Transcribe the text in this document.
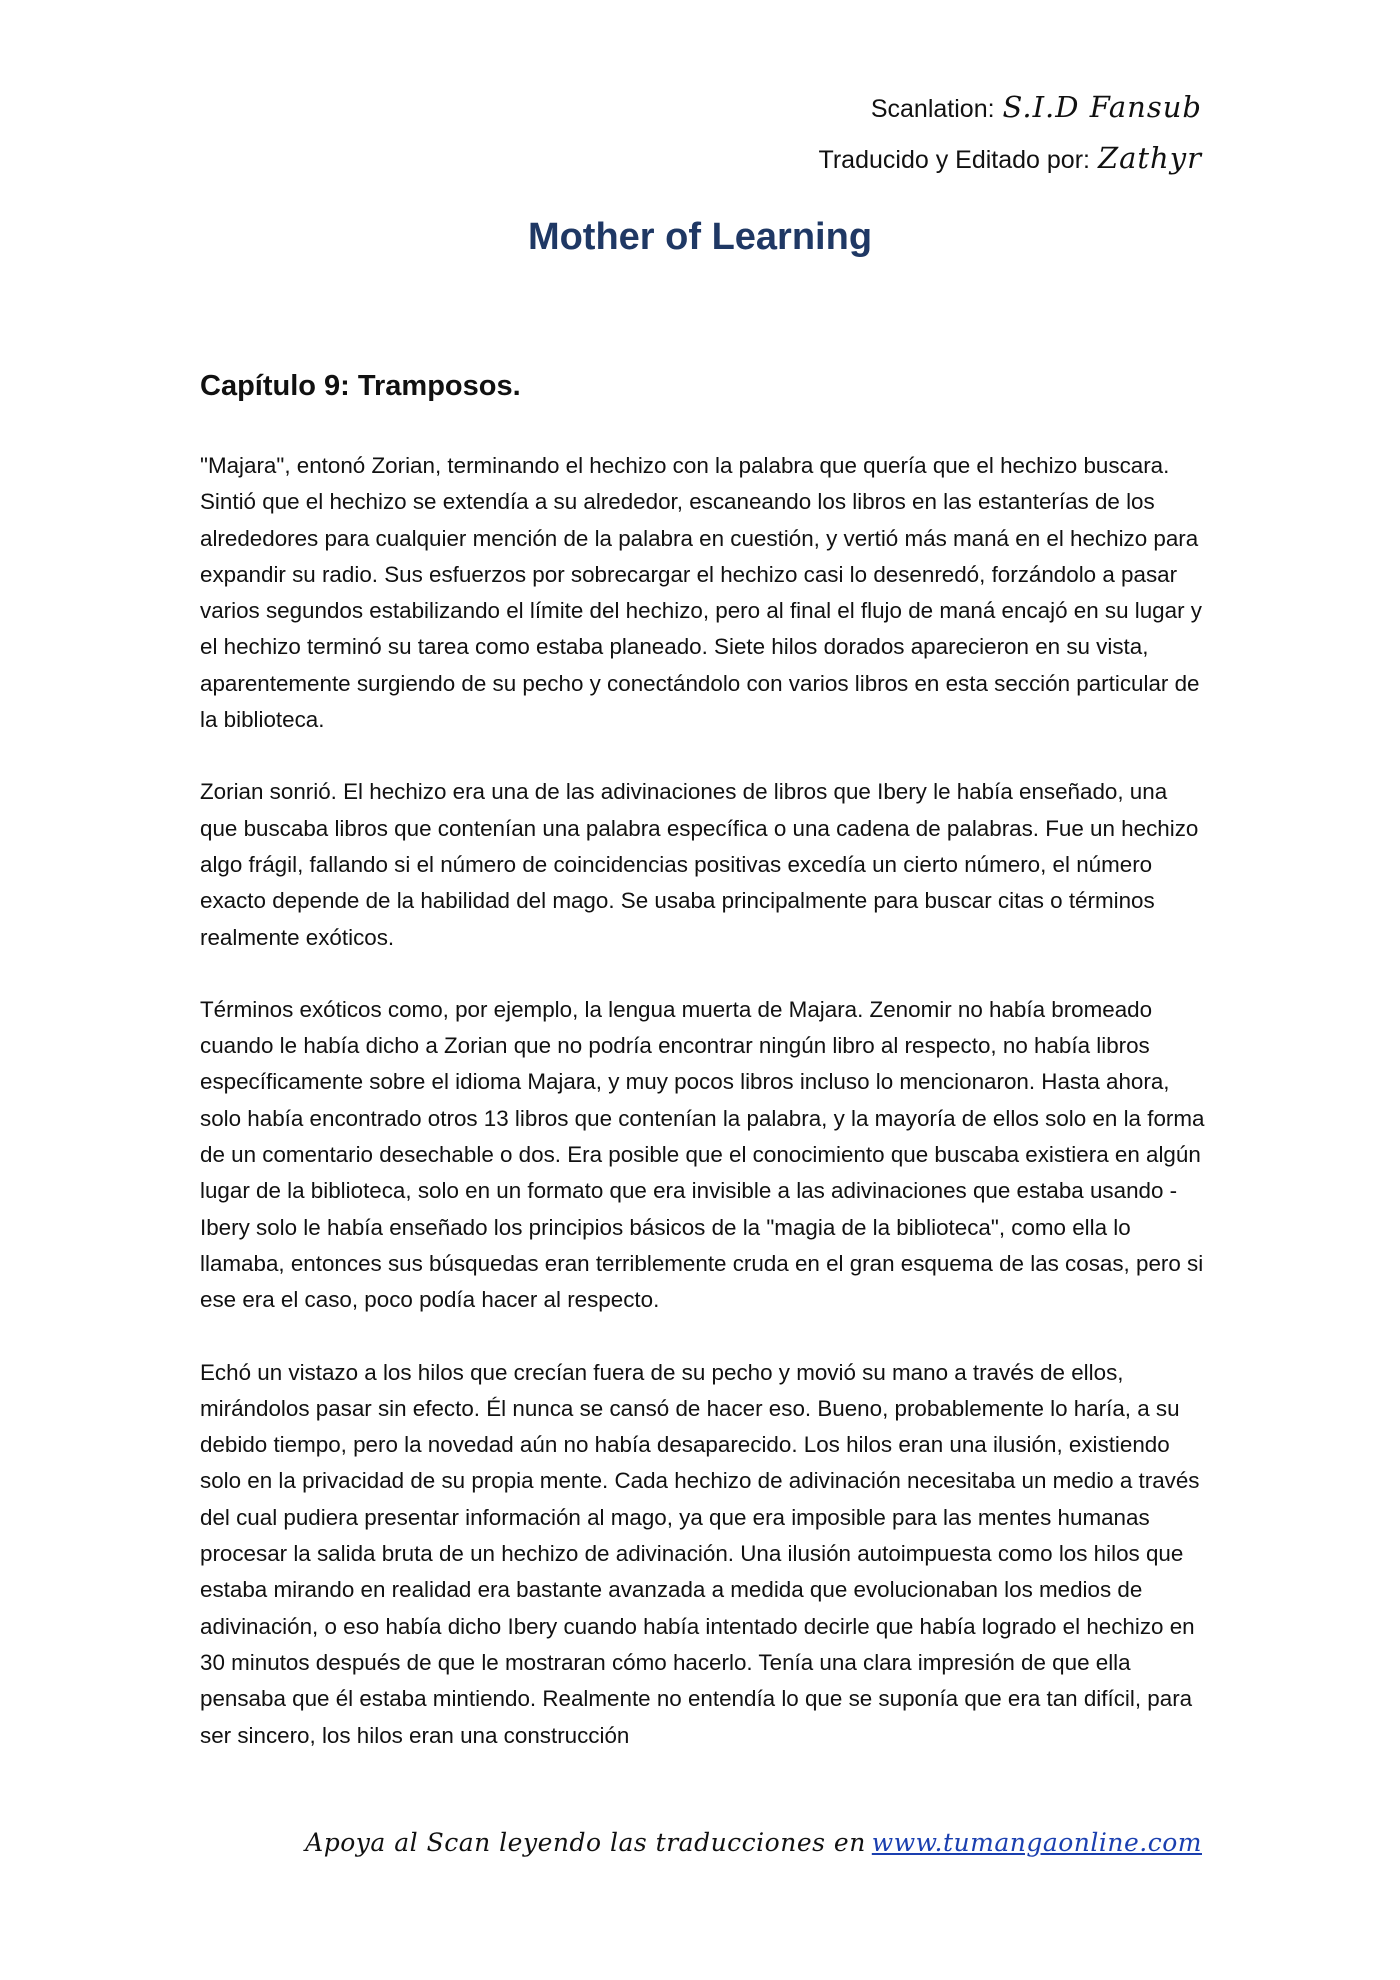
Scanlation: S.I.D Fansub
Traducido y Editado por: Zathyr
Mother of Learning
Capítulo 9: Tramposos.

"Majara", entonó Zorian, terminando el hechizo con la palabra que quería que el hechizo buscara. Sintió que el hechizo se extendía a su alrededor, escaneando los libros en las estanterías de los alrededores para cualquier mención de la palabra en cuestión, y vertió más maná en el hechizo para expandir su radio. Sus esfuerzos por sobrecargar el hechizo casi lo desenredó, forzándolo a pasar varios segundos estabilizando el límite del hechizo, pero al final el flujo de maná encajó en su lugar y el hechizo terminó su tarea como estaba planeado. Siete hilos dorados aparecieron en su vista, aparentemente surgiendo de su pecho y conectándolo con varios libros en esta sección particular de la biblioteca.

Zorian sonrió. El hechizo era una de las adivinaciones de libros que Ibery le había enseñado, una que buscaba libros que contenían una palabra específica o una cadena de palabras. Fue un hechizo algo frágil, fallando si el número de coincidencias positivas excedía un cierto número, el número exacto depende de la habilidad del mago. Se usaba principalmente para buscar citas o términos realmente exóticos.

Términos exóticos como, por ejemplo, la lengua muerta de Majara. Zenomir no había bromeado cuando le había dicho a Zorian que no podría encontrar ningún libro al respecto, no había libros específicamente sobre el idioma Majara, y muy pocos libros incluso lo mencionaron. Hasta ahora, solo había encontrado otros 13 libros que contenían la palabra, y la mayoría de ellos solo en la forma de un comentario desechable o dos. Era posible que el conocimiento que buscaba existiera en algún lugar de la biblioteca, solo en un formato que era invisible a las adivinaciones que estaba usando - Ibery solo le había enseñado los principios básicos de la "magia de la biblioteca", como ella lo llamaba, entonces sus búsquedas eran terriblemente cruda en el gran esquema de las cosas, pero si ese era el caso, poco podía hacer al respecto.

Echó un vistazo a los hilos que crecían fuera de su pecho y movió su mano a través de ellos, mirándolos pasar sin efecto. Él nunca se cansó de hacer eso. Bueno, probablemente lo haría, a su debido tiempo, pero la novedad aún no había desaparecido. Los hilos eran una ilusión, existiendo solo en la privacidad de su propia mente. Cada hechizo de adivinación necesitaba un medio a través del cual pudiera presentar información al mago, ya que era imposible para las mentes humanas procesar la salida bruta de un hechizo de adivinación. Una ilusión autoimpuesta como los hilos que estaba mirando en realidad era bastante avanzada a medida que evolucionaban los medios de adivinación, o eso había dicho Ibery cuando había intentado decirle que había logrado el hechizo en 30 minutos después de que le mostraran cómo hacerlo. Tenía una clara impresión de que ella pensaba que él estaba mintiendo. Realmente no entendía lo que se suponía que era tan difícil, para ser sincero, los hilos eran una construcción

Apoya al Scan leyendo las traducciones en www.tumangaonline.com
